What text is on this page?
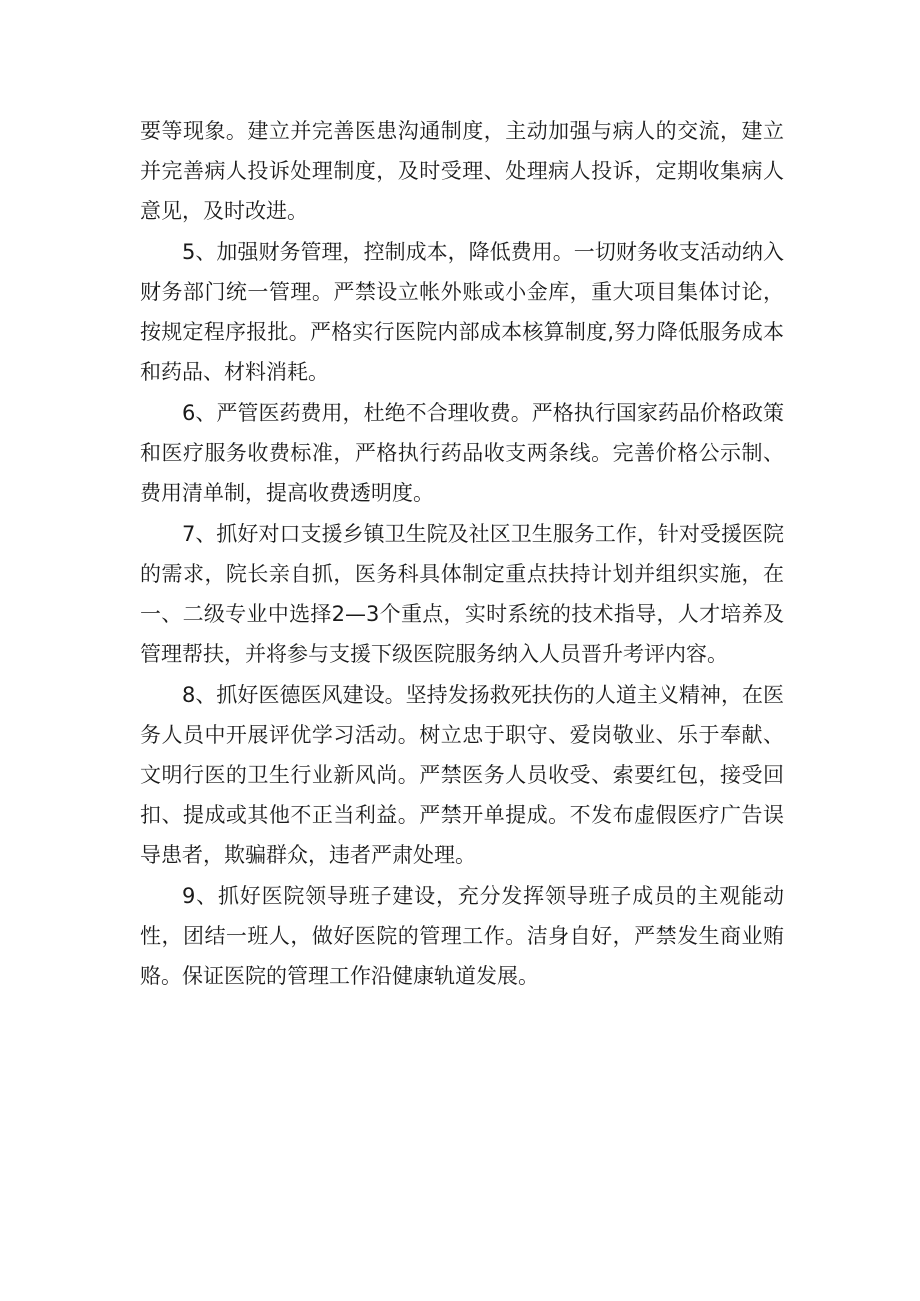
要等现象。建立并完善医患沟通制度，主动加强与病人的交流，建立并完善病人投诉处理制度，及时受理、处理病人投诉，定期收集病人意见，及时改进。

5、加强财务管理，控制成本，降低费用。一切财务收支活动纳入财务部门统一管理。严禁设立帐外账或小金库，重大项目集体讨论，按规定程序报批。严格实行医院内部成本核算制度,努力降低服务成本和药品、材料消耗。

6、严管医药费用，杜绝不合理收费。严格执行国家药品价格政策和医疗服务收费标准，严格执行药品收支两条线。完善价格公示制、费用清单制，提高收费透明度。

7、抓好对口支援乡镇卫生院及社区卫生服务工作，针对受援医院的需求，院长亲自抓，医务科具体制定重点扶持计划并组织实施，在一、二级专业中选择2—3个重点，实时系统的技术指导，人才培养及管理帮扶，并将参与支援下级医院服务纳入人员晋升考评内容。

8、抓好医德医风建设。坚持发扬救死扶伤的人道主义精神，在医务人员中开展评优学习活动。树立忠于职守、爱岗敬业、乐于奉献、文明行医的卫生行业新风尚。严禁医务人员收受、索要红包，接受回扣、提成或其他不正当利益。严禁开单提成。不发布虚假医疗广告误导患者，欺骗群众，违者严肃处理。

9、抓好医院领导班子建设，充分发挥领导班子成员的主观能动性，团结一班人，做好医院的管理工作。洁身自好，严禁发生商业贿赂。保证医院的管理工作沿健康轨道发展。
